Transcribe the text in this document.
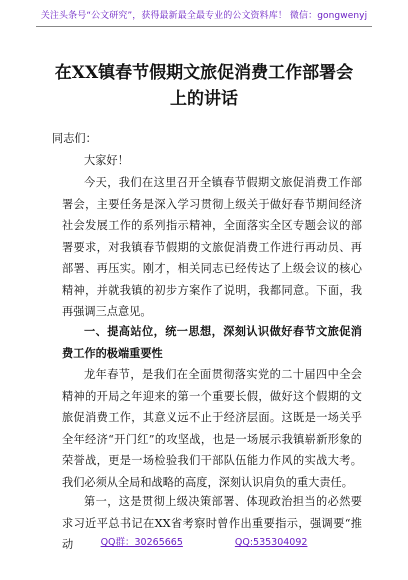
关注头条号“公文研究”，获得最新最全最专业的公文资料库！ 微信：gongwenyj
在XX镇春节假期文旅促消费工作部署会
上的讲话
同志们：
大家好！
今天，我们在这里召开全镇春节假期文旅促消费工作部署会，主要任务是深入学习贯彻上级关于做好春节期间经济社会发展工作的系列指示精神，全面落实全区专题会议的部署要求，对我镇春节假期的文旅促消费工作进行再动员、再部署、再压实。刚才，相关同志已经传达了上级会议的核心精神，并就我镇的初步方案作了说明，我都同意。下面，我再强调三点意见。
一、提高站位，统一思想，深刻认识做好春节文旅促消费工作的极端重要性
龙年春节，是我们在全面贯彻落实党的二十届四中全会精神的开局之年迎来的第一个重要长假，做好这个假期的文旅促消费工作，其意义远不止于经济层面。这既是一场关乎全年经济“开门红”的攻坚战，也是一场展示我镇崭新形象的荣誉战，更是一场检验我们干部队伍能力作风的实战大考。我们必须从全局和战略的高度，深刻认识肩负的重大责任。
第一，这是贯彻上级决策部署、体现政治担当的必然要求习近平总书记在XX省考察时曾作出重要指示，强调要“推动	QQ群：30265665	QQ:535304092
